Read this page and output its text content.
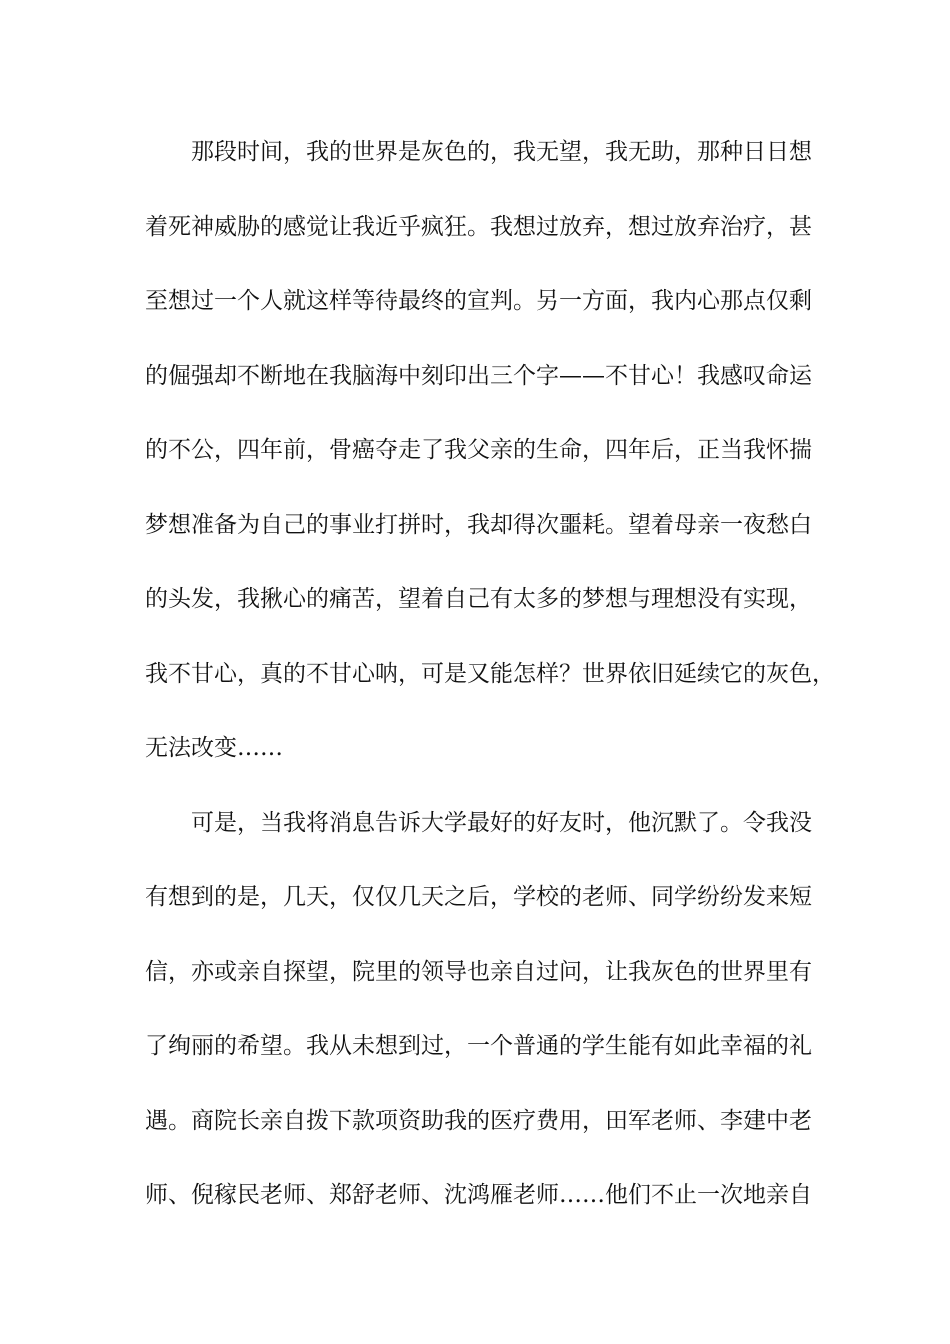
那段时间，我的世界是灰色的，我无望，我无助，那种日日想
着死神威胁的感觉让我近乎疯狂。我想过放弃，想过放弃治疗，甚
至想过一个人就这样等待最终的宣判。另一方面，我内心那点仅剩
的倔强却不断地在我脑海中刻印出三个字——不甘心！我感叹命运
的不公，四年前，骨癌夺走了我父亲的生命，四年后，正当我怀揣
梦想准备为自己的事业打拼时，我却得次噩耗。望着母亲一夜愁白
的头发，我揪心的痛苦，望着自己有太多的梦想与理想没有实现，
我不甘心，真的不甘心呐，可是又能怎样？世界依旧延续它的灰色，
无法改变……
可是，当我将消息告诉大学最好的好友时，他沉默了。令我没
有想到的是，几天，仅仅几天之后，学校的老师、同学纷纷发来短
信，亦或亲自探望，院里的领导也亲自过问，让我灰色的世界里有
了绚丽的希望。我从未想到过，一个普通的学生能有如此幸福的礼
遇。商院长亲自拨下款项资助我的医疗费用，田军老师、李建中老
师、倪稼民老师、郑舒老师、沈鸿雁老师……他们不止一次地亲自
